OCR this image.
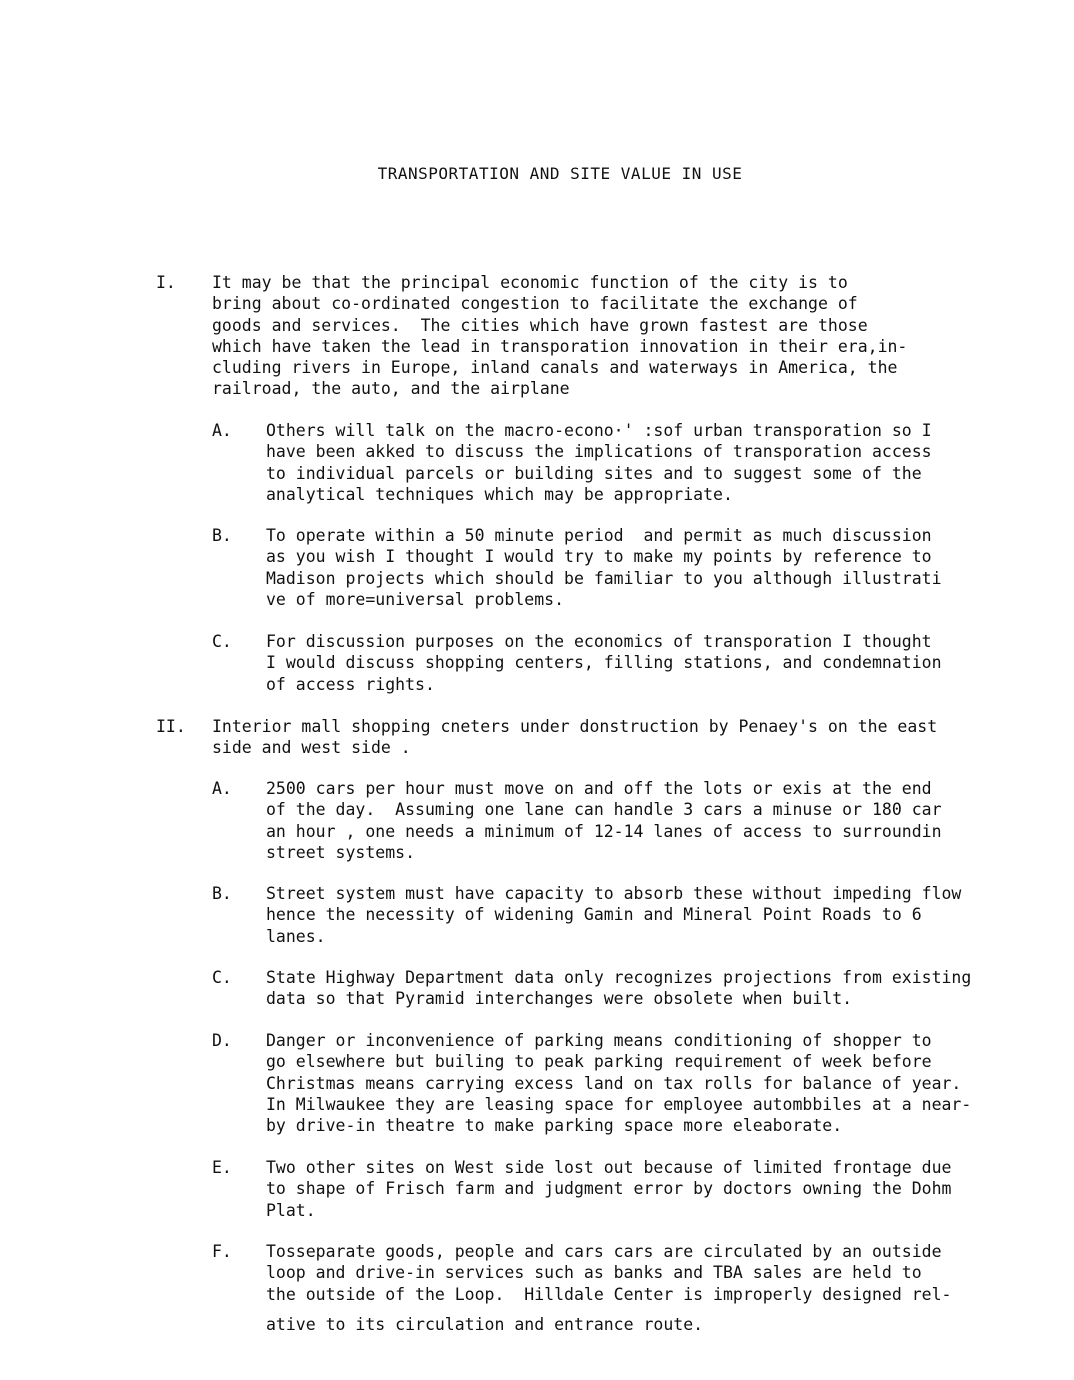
TRANSPORTATION AND SITE VALUE IN USE
I. It may be that the principal economic function of the city is to
bring about co-ordinated congestion to facilitate the exchange of
goods and services.  The cities which have grown fastest are those
which have taken the lead in transporation innovation in their era,in-
cluding rivers in Europe, inland canals and waterways in America, the
railroad, the auto, and the airplane
A. Others will talk on the macro-econo·' :sof urban transporation so I
have been akked to discuss the implications of transporation access
to individual parcels or building sites and to suggest some of the
analytical techniques which may be appropriate.
B. To operate within a 50 minute period  and permit as much discussion
as you wish I thought I would try to make my points by reference to
Madison projects which should be familiar to you although illustrati
ve of more=universal problems.
C. For discussion purposes on the economics of transporation I thought
I would discuss shopping centers, filling stations, and condemnation
of access rights.
II. Interior mall shopping cneters under donstruction by Penaey's on the east
side and west side .
A. 2500 cars per hour must move on and off the lots or exis at the end
of the day.  Assuming one lane can handle 3 cars a minuse or 180 car
an hour , one needs a minimum of 12-14 lanes of access to surroundin
street systems.
B. Street system must have capacity to absorb these without impeding flow
hence the necessity of widening Gamin and Mineral Point Roads to 6
lanes.
C. State Highway Department data only recognizes projections from existing
data so that Pyramid interchanges were obsolete when built.
D. Danger or inconvenience of parking means conditioning of shopper to
go elsewhere but builing to peak parking requirement of week before
Christmas means carrying excess land on tax rolls for balance of year.
In Milwaukee they are leasing space for employee autombbiles at a near-
by drive-in theatre to make parking space more eleaborate.
E. Two other sites on West side lost out because of limited frontage due
to shape of Frisch farm and judgment error by doctors owning the Dohm
Plat.
F. Tosseparate goods, people and cars cars are circulated by an outside
loop and drive-in services such as banks and TBA sales are held to
the outside of the Loop.  Hilldale Center is improperly designed rel-
ative to its circulation and entrance route.
